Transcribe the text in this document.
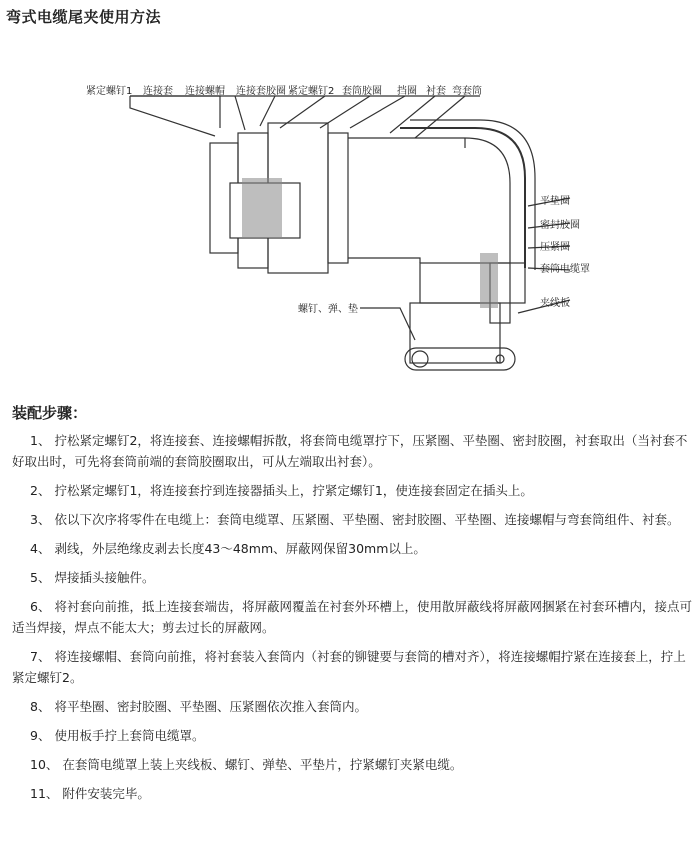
弯式电缆尾夹使用方法
紧定螺钉1 连接套 连接螺帽 连接套胶圈 紧定螺钉2 套筒胶圈 挡圈 衬套 弯套筒
平垫圈
密封胶圈
压紧圈
套筒电缆罩
夹线板
螺钉、弹、垫
装配步骤：

1、 拧松紧定螺钉2，将连接套、连接螺帽拆散，将套筒电缆罩拧下，压紧圈、平垫圈、密封胶圈，衬套取出（当衬套不好取出时，可先将套筒前端的套筒胶圈取出，可从左端取出衬套）。

2、 拧松紧定螺钉1，将连接套拧到连接器插头上，拧紧定螺钉1，使连接套固定在插头上。

3、 依以下次序将零件在电缆上：套筒电缆罩、压紧圈、平垫圈、密封胶圈、平垫圈、连接螺帽与弯套筒组件、衬套。

4、 剥线，外层绝缘皮剥去长度43～48mm、屏蔽网保留30mm以上。

5、 焊接插头接触件。

6、 将衬套向前推，抵上连接套端齿，将屏蔽网覆盖在衬套外环槽上，使用散屏蔽线将屏蔽网捆紧在衬套环槽内，接点可适当焊接，焊点不能太大；剪去过长的屏蔽网。

7、 将连接螺帽、套筒向前推，将衬套装入套筒内（衬套的铆键要与套筒的槽对齐），将连接螺帽拧紧在连接套上，拧上紧定螺钉2。

8、 将平垫圈、密封胶圈、平垫圈、压紧圈依次推入套筒内。

9、 使用板手拧上套筒电缆罩。

10、 在套筒电缆罩上装上夹线板、螺钉、弹垫、平垫片，拧紧螺钉夹紧电缆。

11、 附件安装完毕。
